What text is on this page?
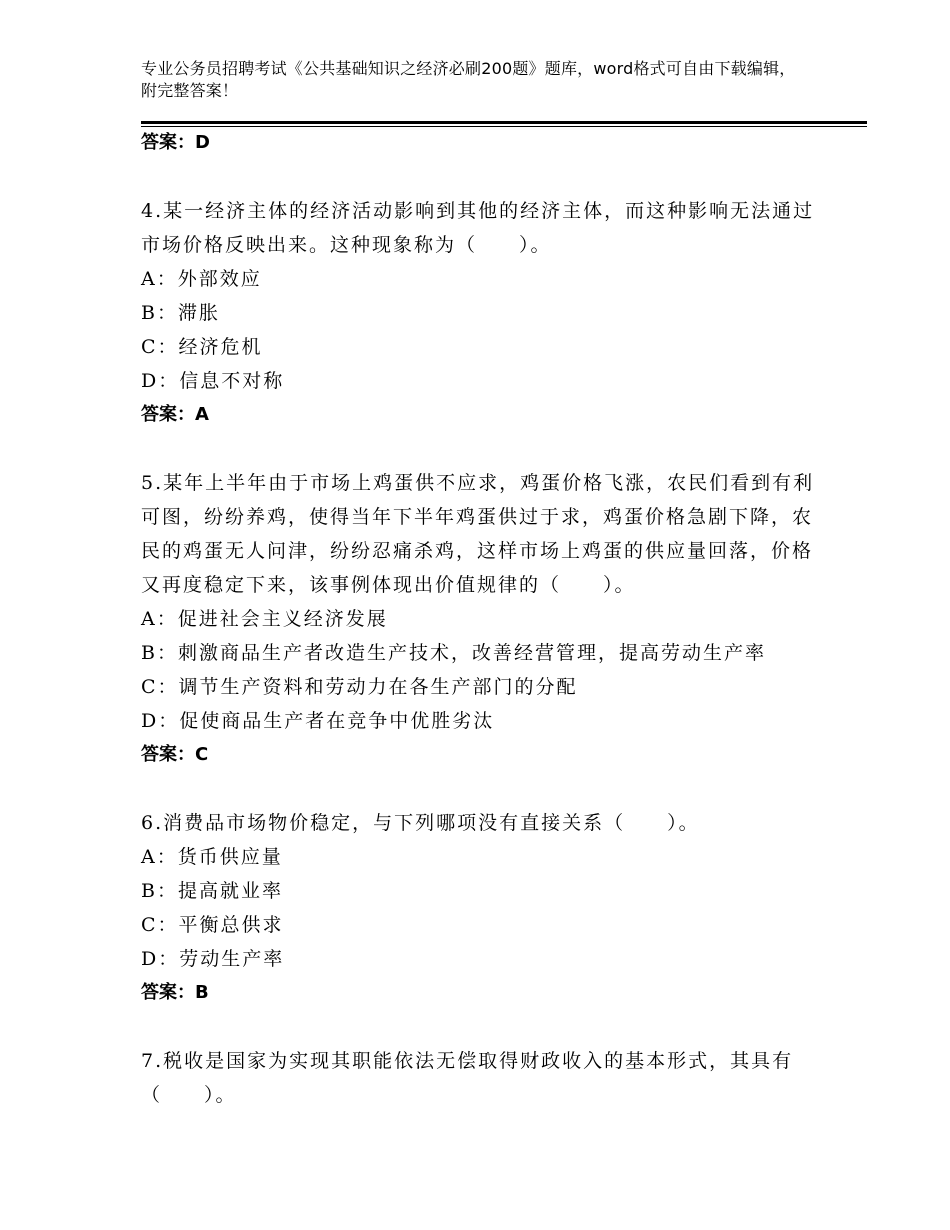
专业公务员招聘考试《公共基础知识之经济必刷200题》题库，word格式可自由下载编辑，附完整答案！

答案：D

4.某一经济主体的经济活动影响到其他的经济主体，而这种影响无法通过市场价格反映出来。这种现象称为（　　）。

A：外部效应

B：滞胀

C：经济危机

D：信息不对称

答案：A

5.某年上半年由于市场上鸡蛋供不应求，鸡蛋价格飞涨，农民们看到有利可图，纷纷养鸡，使得当年下半年鸡蛋供过于求，鸡蛋价格急剧下降，农民的鸡蛋无人问津，纷纷忍痛杀鸡，这样市场上鸡蛋的供应量回落，价格又再度稳定下来，该事例体现出价值规律的（　　）。

A：促进社会主义经济发展

B：刺激商品生产者改造生产技术，改善经营管理，提高劳动生产率

C：调节生产资料和劳动力在各生产部门的分配

D：促使商品生产者在竞争中优胜劣汰

答案：C

6.消费品市场物价稳定，与下列哪项没有直接关系（　　）。

A：货币供应量

B：提高就业率

C：平衡总供求

D：劳动生产率

答案：B

7.税收是国家为实现其职能依法无偿取得财政收入的基本形式，其具有（　　）。
